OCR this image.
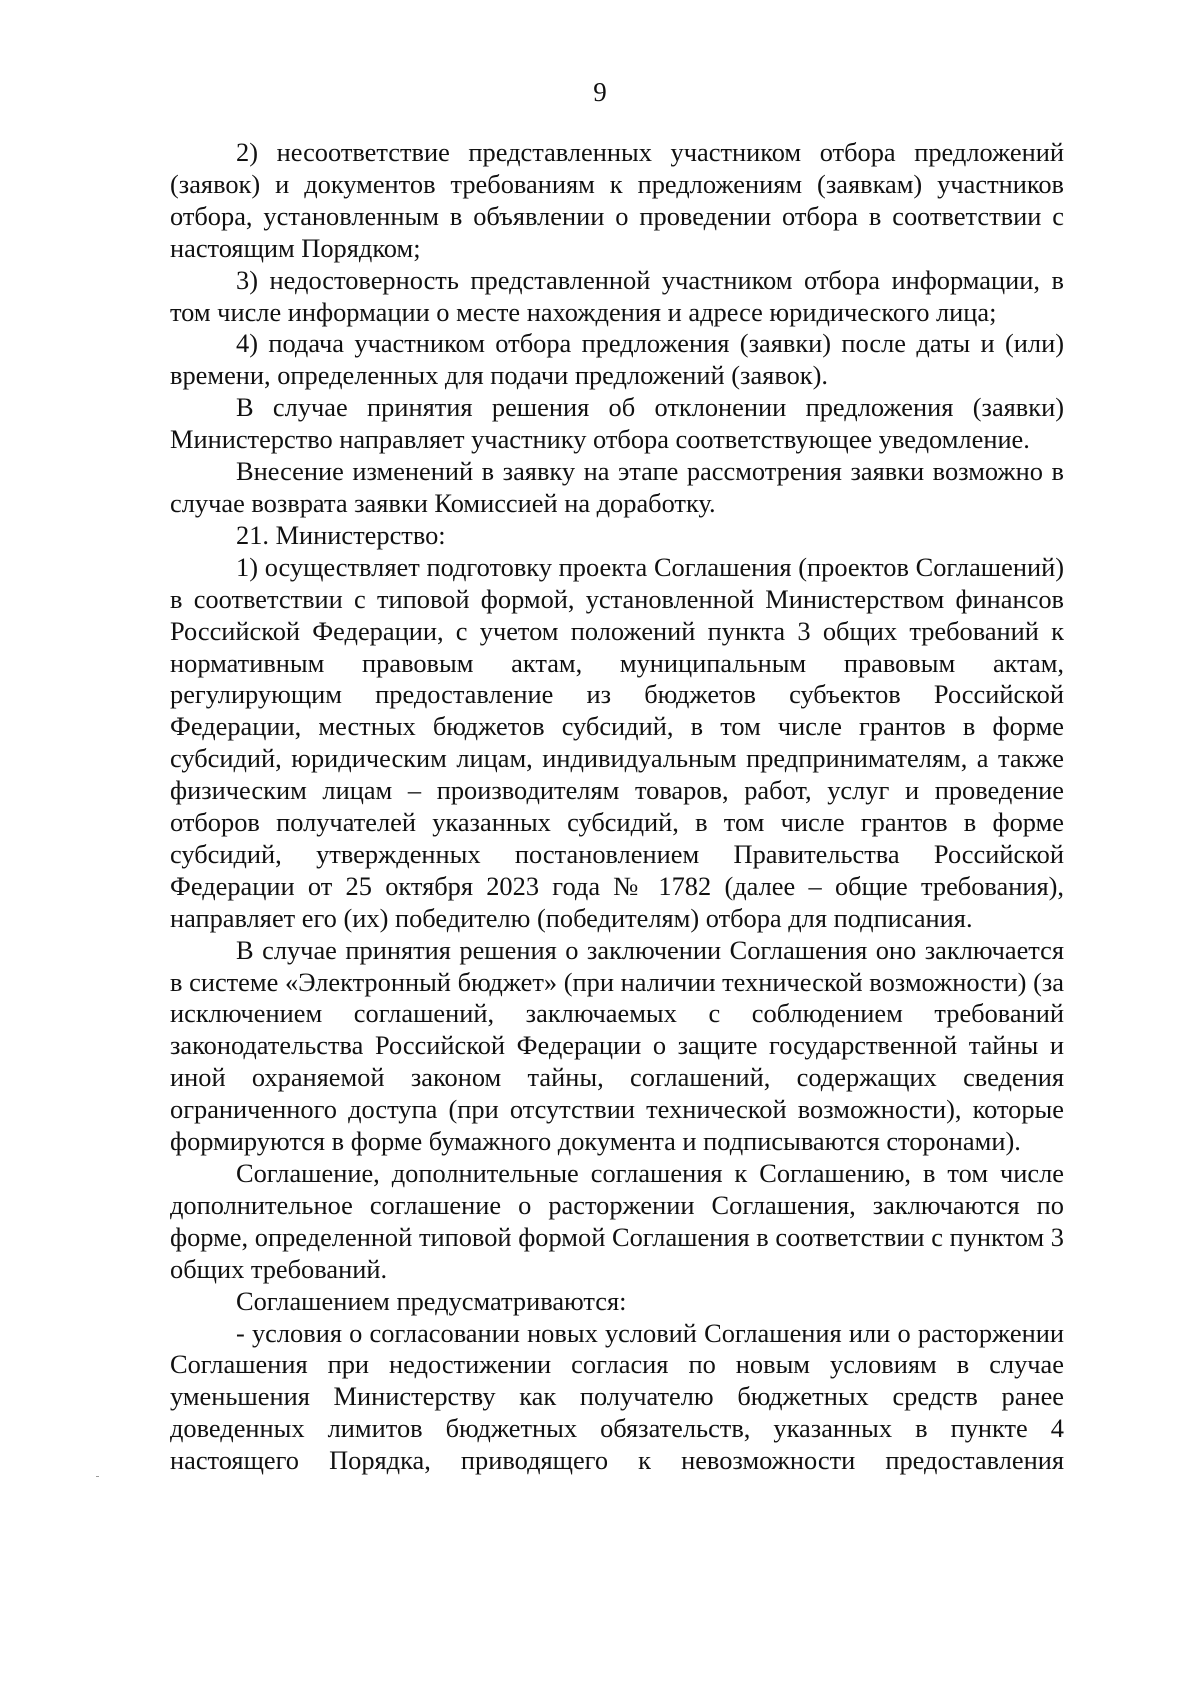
9

2) несоответствие представленных участником отбора предложений (заявок) и документов требованиям к предложениям (заявкам) участников отбора, установленным в объявлении о проведении отбора в соответствии с настоящим Порядком;

3) недостоверность представленной участником отбора информации, в том числе информации о месте нахождения и адресе юридического лица;

4) подача участником отбора предложения (заявки) после даты и (или) времени, определенных для подачи предложений (заявок).

В случае принятия решения об отклонении предложения (заявки) Министерство направляет участнику отбора соответствующее уведомление.

Внесение изменений в заявку на этапе рассмотрения заявки возможно в случае возврата заявки Комиссией на доработку.

21. Министерство:

1) осуществляет подготовку проекта Соглашения (проектов Соглашений) в соответствии с типовой формой, установленной Министерством финансов Российской Федерации, с учетом положений пункта 3 общих требований к нормативным правовым актам, муниципальным правовым актам, регулирующим предоставление из бюджетов субъектов Российской Федерации, местных бюджетов субсидий, в том числе грантов в форме субсидий, юридическим лицам, индивидуальным предпринимателям, а также физическим лицам – производителям товаров, работ, услуг и проведение отборов получателей указанных субсидий, в том числе грантов в форме субсидий, утвержденных постановлением Правительства Российской Федерации от 25 октября 2023 года № 1782 (далее – общие требования), направляет его (их) победителю (победителям) отбора для подписания.

В случае принятия решения о заключении Соглашения оно заключается в системе «Электронный бюджет» (при наличии технической возможности) (за исключением соглашений, заключаемых с соблюдением требований законодательства Российской Федерации о защите государственной тайны и иной охраняемой законом тайны, соглашений, содержащих сведения ограниченного доступа (при отсутствии технической возможности), которые формируются в форме бумажного документа и подписываются сторонами).

Соглашение, дополнительные соглашения к Соглашению, в том числе дополнительное соглашение о расторжении Соглашения, заключаются по форме, определенной типовой формой Соглашения в соответствии с пунктом 3 общих требований.

Соглашением предусматриваются:

- условия о согласовании новых условий Соглашения или о расторжении Соглашения при недостижении согласия по новым условиям в случае уменьшения Министерству как получателю бюджетных средств ранее доведенных лимитов бюджетных обязательств, указанных в пункте 4 настоящего Порядка, приводящего к невозможности предоставления
